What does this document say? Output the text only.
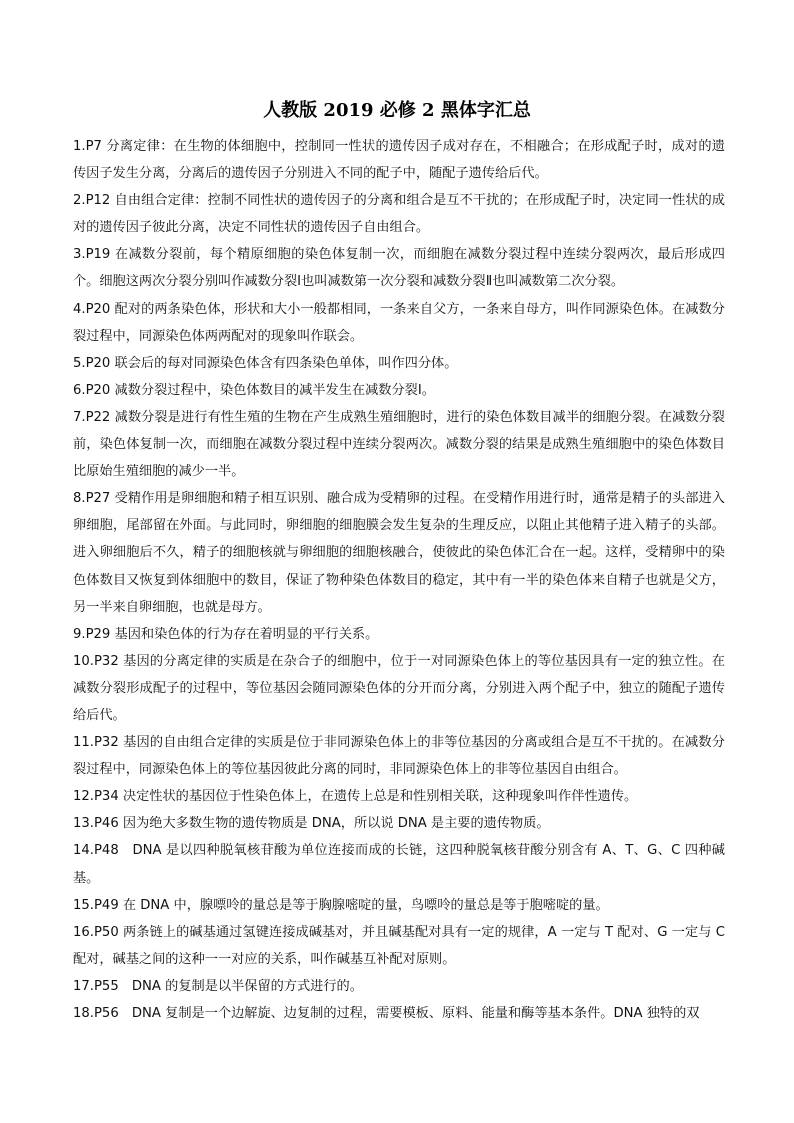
人教版 2019 必修 2 黑体字汇总

1.P7 分离定律：在生物的体细胞中，控制同一性状的遗传因子成对存在，不相融合；在形成配子时，成对的遗传因子发生分离，分离后的遗传因子分别进入不同的配子中，随配子遗传给后代。

2.P12 自由组合定律：控制不同性状的遗传因子的分离和组合是互不干扰的；在形成配子时，决定同一性状的成对的遗传因子彼此分离，决定不同性状的遗传因子自由组合。

3.P19 在减数分裂前，每个精原细胞的染色体复制一次，而细胞在减数分裂过程中连续分裂两次，最后形成四个。细胞这两次分裂分别叫作减数分裂Ⅰ也叫减数第一次分裂和减数分裂Ⅱ也叫减数第二次分裂。

4.P20 配对的两条染色体，形状和大小一般都相同，一条来自父方，一条来自母方，叫作同源染色体。在减数分裂过程中，同源染色体两两配对的现象叫作联会。

5.P20 联会后的每对同源染色体含有四条染色单体，叫作四分体。

6.P20 减数分裂过程中，染色体数目的减半发生在减数分裂Ⅰ。

7.P22 减数分裂是进行有性生殖的生物在产生成熟生殖细胞时，进行的染色体数目减半的细胞分裂。在减数分裂前，染色体复制一次，而细胞在减数分裂过程中连续分裂两次。减数分裂的结果是成熟生殖细胞中的染色体数目比原始生殖细胞的减少一半。

8.P27 受精作用是卵细胞和精子相互识别、融合成为受精卵的过程。在受精作用进行时，通常是精子的头部进入卵细胞，尾部留在外面。与此同时，卵细胞的细胞膜会发生复杂的生理反应，以阻止其他精子进入精子的头部。进入卵细胞后不久，精子的细胞核就与卵细胞的细胞核融合，使彼此的染色体汇合在一起。这样，受精卵中的染色体数目又恢复到体细胞中的数目，保证了物种染色体数目的稳定，其中有一半的染色体来自精子也就是父方，另一半来自卵细胞，也就是母方。

9.P29 基因和染色体的行为存在着明显的平行关系。

10.P32 基因的分离定律的实质是在杂合子的细胞中，位于一对同源染色体上的等位基因具有一定的独立性。在减数分裂形成配子的过程中，等位基因会随同源染色体的分开而分离，分别进入两个配子中，独立的随配子遗传给后代。

11.P32 基因的自由组合定律的实质是位于非同源染色体上的非等位基因的分离或组合是互不干扰的。在减数分裂过程中，同源染色体上的等位基因彼此分离的同时，非同源染色体上的非等位基因自由组合。

12.P34 决定性状的基因位于性染色体上，在遗传上总是和性别相关联，这种现象叫作伴性遗传。

13.P46 因为绝大多数生物的遗传物质是 DNA，所以说 DNA 是主要的遗传物质。

14.P48　DNA 是以四种脱氧核苷酸为单位连接而成的长链，这四种脱氧核苷酸分别含有 A、T、G、C 四种碱基。

15.P49 在 DNA 中，腺嘌呤的量总是等于胸腺嘧啶的量，鸟嘌呤的量总是等于胞嘧啶的量。

16.P50 两条链上的碱基通过氢键连接成碱基对，并且碱基配对具有一定的规律，A 一定与 T 配对、G 一定与 C 配对，碱基之间的这种一一对应的关系，叫作碱基互补配对原则。

17.P55　DNA 的复制是以半保留的方式进行的。

18.P56　DNA 复制是一个边解旋、边复制的过程，需要模板、原料、能量和酶等基本条件。DNA 独特的双
